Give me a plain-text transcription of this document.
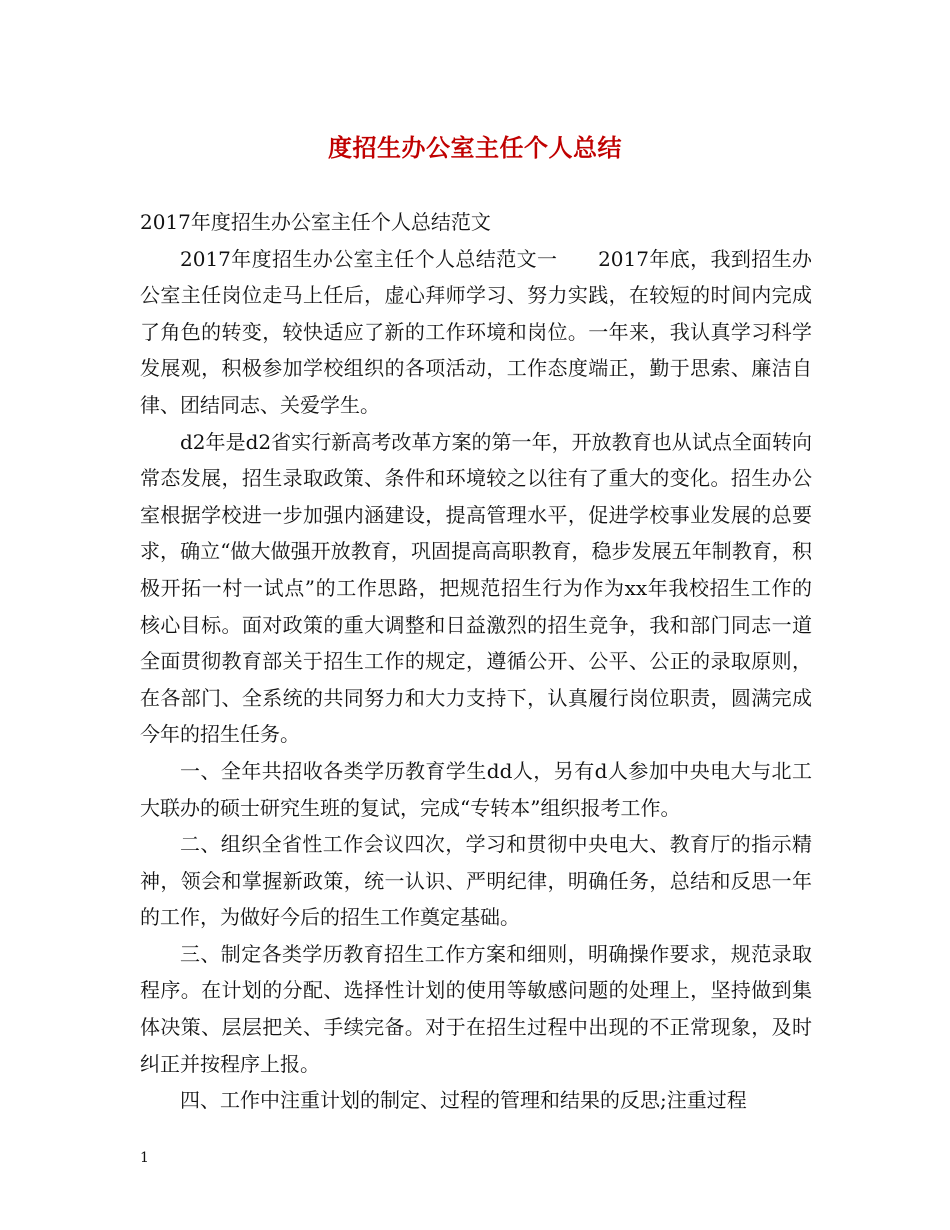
度招生办公室主任个人总结

2017年度招生办公室主任个人总结范文

2017年度招生办公室主任个人总结范文一　　2017年底，我到招生办公室主任岗位走马上任后，虚心拜师学习、努力实践，在较短的时间内完成了角色的转变，较快适应了新的工作环境和岗位。一年来，我认真学习科学发展观，积极参加学校组织的各项活动，工作态度端正，勤于思索、廉洁自律、团结同志、关爱学生。

d2年是d2省实行新高考改革方案的第一年，开放教育也从试点全面转向常态发展，招生录取政策、条件和环境较之以往有了重大的变化。招生办公室根据学校进一步加强内涵建设，提高管理水平，促进学校事业发展的总要求，确立“做大做强开放教育，巩固提高高职教育，稳步发展五年制教育，积极开拓一村一试点”的工作思路，把规范招生行为作为xx年我校招生工作的核心目标。面对政策的重大调整和日益激烈的招生竞争，我和部门同志一道全面贯彻教育部关于招生工作的规定，遵循公开、公平、公正的录取原则，在各部门、全系统的共同努力和大力支持下，认真履行岗位职责，圆满完成今年的招生任务。

一、全年共招收各类学历教育学生dd人，另有d人参加中央电大与北工大联办的硕士研究生班的复试，完成“专转本”组织报考工作。

二、组织全省性工作会议四次，学习和贯彻中央电大、教育厅的指示精神，领会和掌握新政策，统一认识、严明纪律，明确任务，总结和反思一年的工作，为做好今后的招生工作奠定基础。

三、制定各类学历教育招生工作方案和细则，明确操作要求，规范录取程序。在计划的分配、选择性计划的使用等敏感问题的处理上，坚持做到集体决策、层层把关、手续完备。对于在招生过程中出现的不正常现象，及时纠正并按程序上报。

四、工作中注重计划的制定、过程的管理和结果的反思;注重过程

1
